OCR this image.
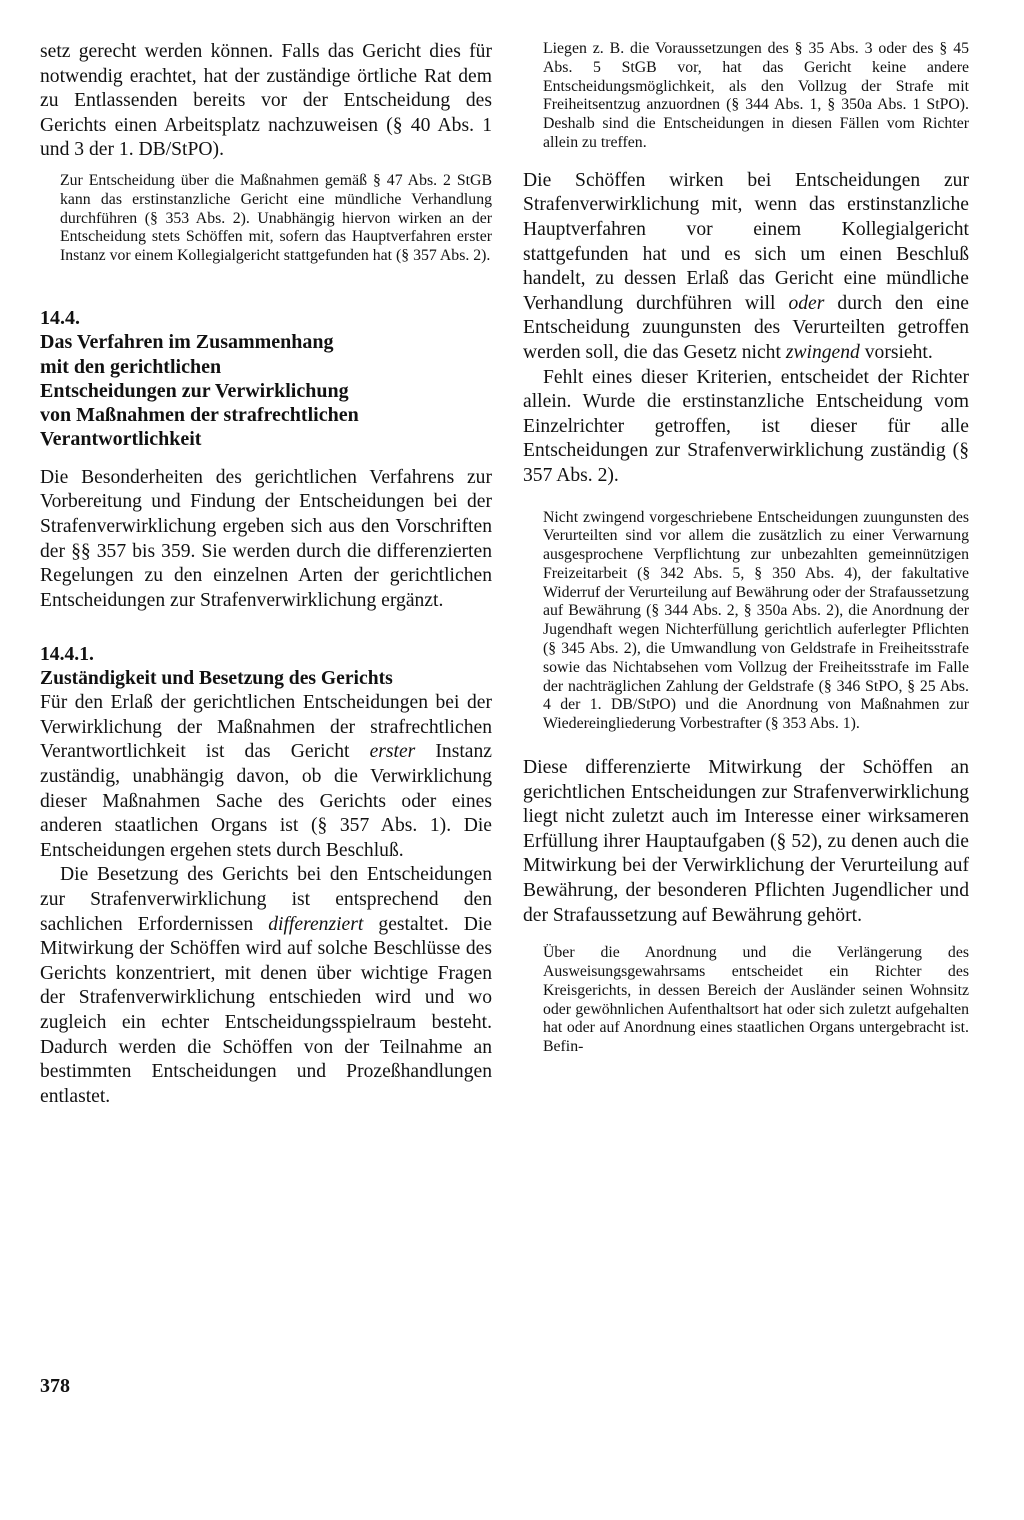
setz gerecht werden können. Falls das Gericht dies für notwendig erachtet, hat der zuständige örtliche Rat dem zu Entlassenden bereits vor der Entscheidung des Gerichts einen Arbeitsplatz nachzuweisen (§ 40 Abs. 1 und 3 der 1. DB/StPO).

Zur Entscheidung über die Maßnahmen gemäß § 47 Abs. 2 StGB kann das erstinstanzliche Gericht eine mündliche Verhandlung durchführen (§ 353 Abs. 2). Unabhängig hiervon wirken an der Entscheidung stets Schöffen mit, sofern das Hauptverfahren erster Instanz vor einem Kollegialgericht stattgefunden hat (§ 357 Abs. 2).

14.4.

Das Verfahren im Zusammenhang

mit den gerichtlichen

Entscheidungen zur Verwirklichung

von Maßnahmen der strafrechtlichen

Verantwortlichkeit

Die Besonderheiten des gerichtlichen Verfahrens zur Vorbereitung und Findung der Entscheidungen bei der Strafenverwirklichung ergeben sich aus den Vorschriften der §§ 357 bis 359. Sie werden durch die differenzierten Regelungen zu den einzelnen Arten der gerichtlichen Entscheidungen zur Strafenverwirklichung ergänzt.

14.4.1.

Zuständigkeit und Besetzung des Gerichts

Für den Erlaß der gerichtlichen Entscheidungen bei der Verwirklichung der Maßnahmen der strafrechtlichen Verantwortlichkeit ist das Gericht erster Instanz zuständig, unabhängig davon, ob die Verwirklichung dieser Maßnahmen Sache des Gerichts oder eines anderen staatlichen Organs ist (§ 357 Abs. 1). Die Entscheidungen ergehen stets durch Beschluß.

Die Besetzung des Gerichts bei den Entscheidungen zur Strafenverwirklichung ist entsprechend den sachlichen Erfordernissen differenziert gestaltet. Die Mitwirkung der Schöffen wird auf solche Beschlüsse des Gerichts konzentriert, mit denen über wichtige Fragen der Strafenverwirklichung entschieden wird und wo zugleich ein echter Entscheidungsspielraum besteht. Dadurch werden die Schöffen von der Teilnahme an bestimmten Entscheidungen und Prozeßhandlungen entlastet.

Liegen z. B. die Voraussetzungen des § 35 Abs. 3 oder des § 45 Abs. 5 StGB vor, hat das Gericht keine andere Entscheidungsmöglichkeit, als den Vollzug der Strafe mit Freiheitsentzug anzuordnen (§ 344 Abs. 1, § 350a Abs. 1 StPO). Deshalb sind die Entscheidungen in diesen Fällen vom Richter allein zu treffen.

Die Schöffen wirken bei Entscheidungen zur Strafenverwirklichung mit, wenn das erstinstanzliche Hauptverfahren vor einem Kollegialgericht stattgefunden hat und es sich um einen Beschluß handelt, zu dessen Erlaß das Gericht eine mündliche Verhandlung durchführen will oder durch den eine Entscheidung zuungunsten des Verurteilten getroffen werden soll, die das Gesetz nicht zwingend vorsieht.

Fehlt eines dieser Kriterien, entscheidet der Richter allein. Wurde die erstinstanzliche Entscheidung vom Einzelrichter getroffen, ist dieser für alle Entscheidungen zur Strafenverwirklichung zuständig (§ 357 Abs. 2).

Nicht zwingend vorgeschriebene Entscheidungen zuungunsten des Verurteilten sind vor allem die zusätzlich zu einer Verwarnung ausgesprochene Verpflichtung zur unbezahlten gemeinnützigen Freizeitarbeit (§ 342 Abs. 5, § 350 Abs. 4), der fakultative Widerruf der Verurteilung auf Bewährung oder der Strafaussetzung auf Bewährung (§ 344 Abs. 2, § 350a Abs. 2), die Anordnung der Jugendhaft wegen Nichterfüllung gerichtlich auferlegter Pflichten (§ 345 Abs. 2), die Umwandlung von Geldstrafe in Freiheitsstrafe sowie das Nichtabsehen vom Vollzug der Freiheitsstrafe im Falle der nachträglichen Zahlung der Geldstrafe (§ 346 StPO, § 25 Abs. 4 der 1. DB/StPO) und die Anordnung von Maßnahmen zur Wiedereingliederung Vorbestrafter (§ 353 Abs. 1).

Diese differenzierte Mitwirkung der Schöffen an gerichtlichen Entscheidungen zur Strafenverwirklichung liegt nicht zuletzt auch im Interesse einer wirksameren Erfüllung ihrer Hauptaufgaben (§ 52), zu denen auch die Mitwirkung bei der Verwirklichung der Verurteilung auf Bewährung, der besonderen Pflichten Jugendlicher und der Strafaussetzung auf Bewährung gehört.

Über die Anordnung und die Verlängerung des Ausweisungsgewahrsams entscheidet ein Richter des Kreisgerichts, in dessen Bereich der Ausländer seinen Wohnsitz oder gewöhnlichen Aufenthaltsort hat oder sich zuletzt aufgehalten hat oder auf Anordnung eines staatlichen Organs untergebracht ist. Befin-

378
